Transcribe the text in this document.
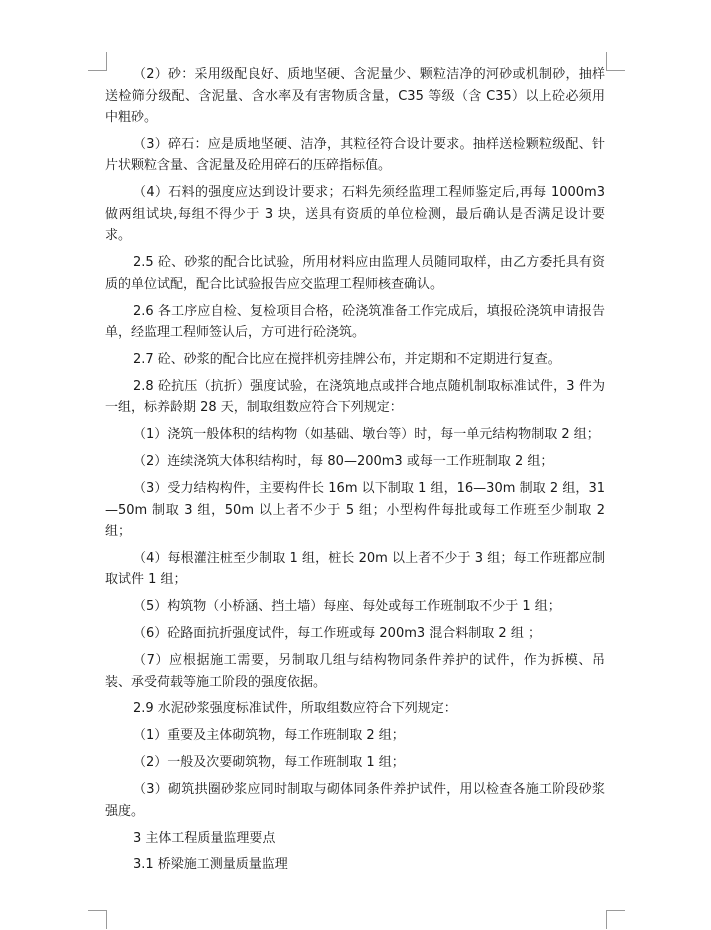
（2）砂：采用级配良好、质地坚硬、含泥量少、颗粒洁净的河砂或机制砂，抽样送检筛分级配、含泥量、含水率及有害物质含量，C35 等级（含 C35）以上砼必须用中粗砂。

（3）碎石：应是质地坚硬、洁净，其粒径符合设计要求。抽样送检颗粒级配、针片状颗粒含量、含泥量及砼用碎石的压碎指标值。

（4）石料的强度应达到设计要求；石料先须经监理工程师鉴定后,再每 1000m3 做两组试块,每组不得少于 3 块，送具有资质的单位检测，最后确认是否满足设计要求。

2.5 砼、砂浆的配合比试验，所用材料应由监理人员随同取样，由乙方委托具有资质的单位试配，配合比试验报告应交监理工程师核查确认。

2.6 各工序应自检、复检项目合格，砼浇筑准备工作完成后，填报砼浇筑申请报告单，经监理工程师签认后，方可进行砼浇筑。

2.7 砼、砂浆的配合比应在搅拌机旁挂牌公布，并定期和不定期进行复查。

2.8 砼抗压（抗折）强度试验，在浇筑地点或拌合地点随机制取标准试件，3 件为一组，标养龄期 28 天，制取组数应符合下列规定：

（1）浇筑一般体积的结构物（如基础、墩台等）时，每一单元结构物制取 2 组；

（2）连续浇筑大体积结构时，每 80—200m3 或每一工作班制取 2 组；

（3）受力结构构件，主要构件长 16m 以下制取 1 组，16—30m 制取 2 组，31—50m 制取 3 组，50m 以上者不少于 5 组；小型构件每批或每工作班至少制取 2 组；

（4）每根灌注桩至少制取 1 组，桩长 20m 以上者不少于 3 组；每工作班都应制取试件 1 组；

（5）构筑物（小桥涵、挡土墙）每座、每处或每工作班制取不少于 1 组；

（6）砼路面抗折强度试件，每工作班或每 200m3 混合料制取 2 组 ；

（7）应根据施工需要，另制取几组与结构物同条件养护的试件，作为拆模、吊装、承受荷载等施工阶段的强度依据。

2.9 水泥砂浆强度标准试件，所取组数应符合下列规定：

（1）重要及主体砌筑物，每工作班制取 2 组；

（2）一般及次要砌筑物，每工作班制取 1 组；

（3）砌筑拱圈砂浆应同时制取与砌体同条件养护试件，用以检查各施工阶段砂浆强度。

3 主体工程质量监理要点

3.1 桥梁施工测量质量监理
